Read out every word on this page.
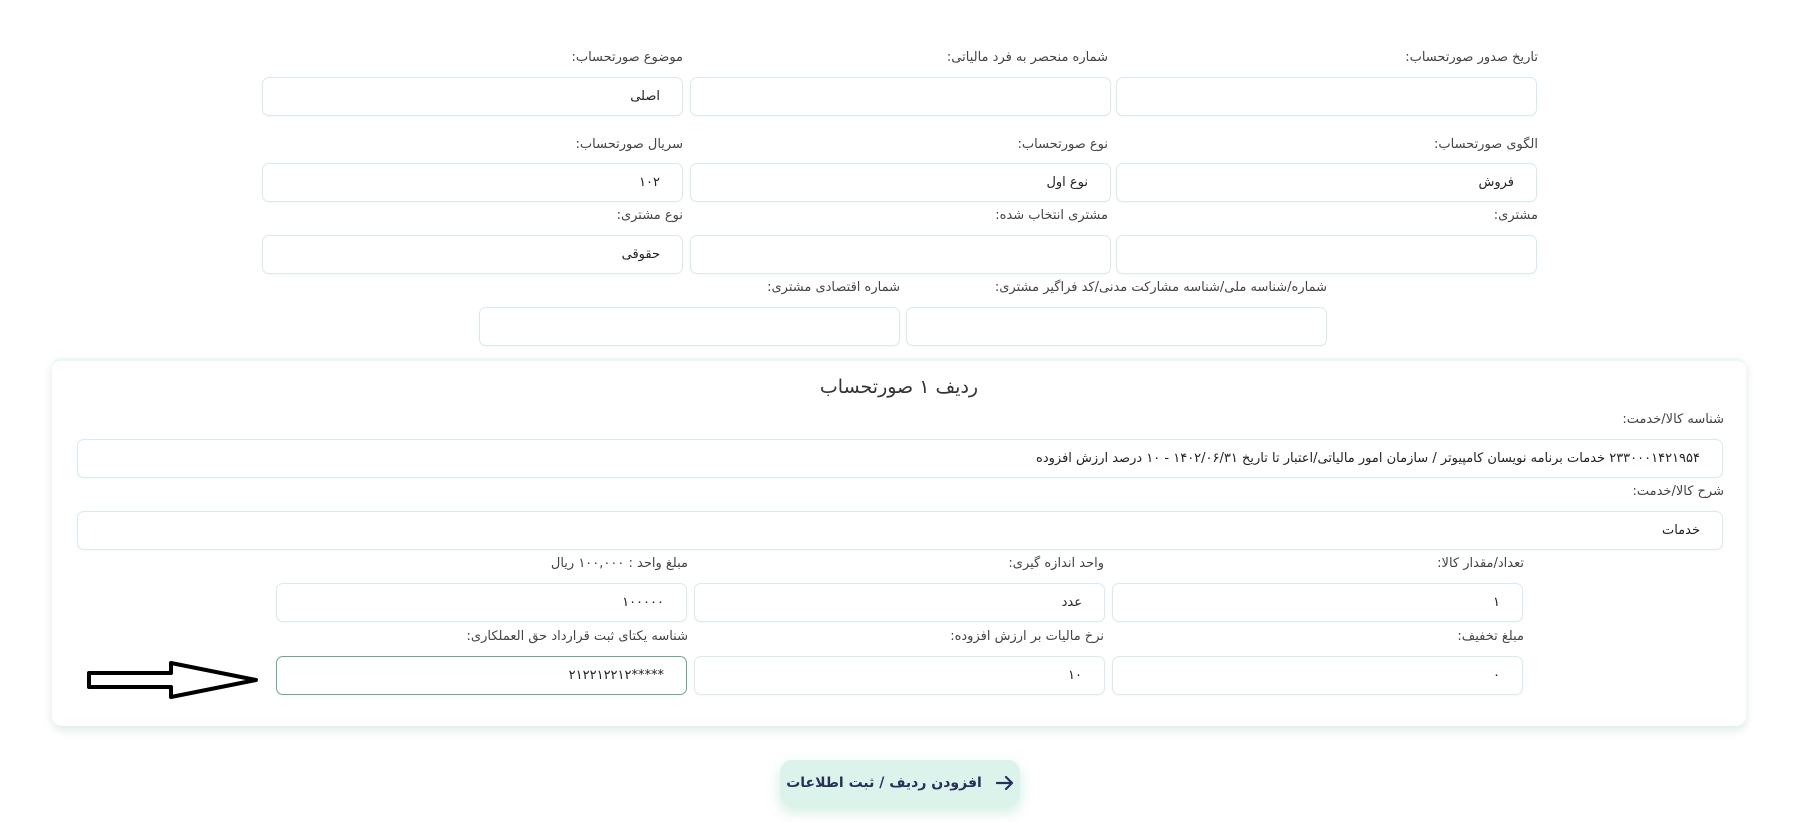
تاریخ صدور صورتحساب:
شماره منحصر به فرد مالیاتی:
موضوع صورتحساب:
اصلی
الگوی صورتحساب:
فروش
نوع صورتحساب:
نوع اول
سریال صورتحساب:
۱۰۲
مشتری:
مشتری انتخاب شده:
نوع مشتری:
حقوقی
شماره/شناسه ملی/شناسه مشارکت مدنی/کد فراگیر مشتری:
شماره اقتصادی مشتری:
ردیف ۱ صورتحساب
شناسه کالا/خدمت:
۲۳۳۰۰۰۱۴۲۱۹۵۴ خدمات برنامه نویسان کامپیوتر / سازمان امور مالیاتی/اعتبار تا تاریخ ۱۴۰۲/۰۶/۳۱ - ۱۰ درصد ارزش افزوده
شرح کالا/خدمت:
خدمات
تعداد/مقدار کالا:
۱
واحد اندازه گیری:
عدد
مبلغ واحد : ۱۰۰,۰۰۰ ریال
۱۰۰۰۰۰
مبلغ تخفیف:
۰
نرخ مالیات بر ارزش افزوده:
۱۰
شناسه یکتای ثبت قرارداد حق العملکاری:
*****۲۱۲۲۱۲۲۱۲
افزودن ردیف / ثبت اطلاعات
